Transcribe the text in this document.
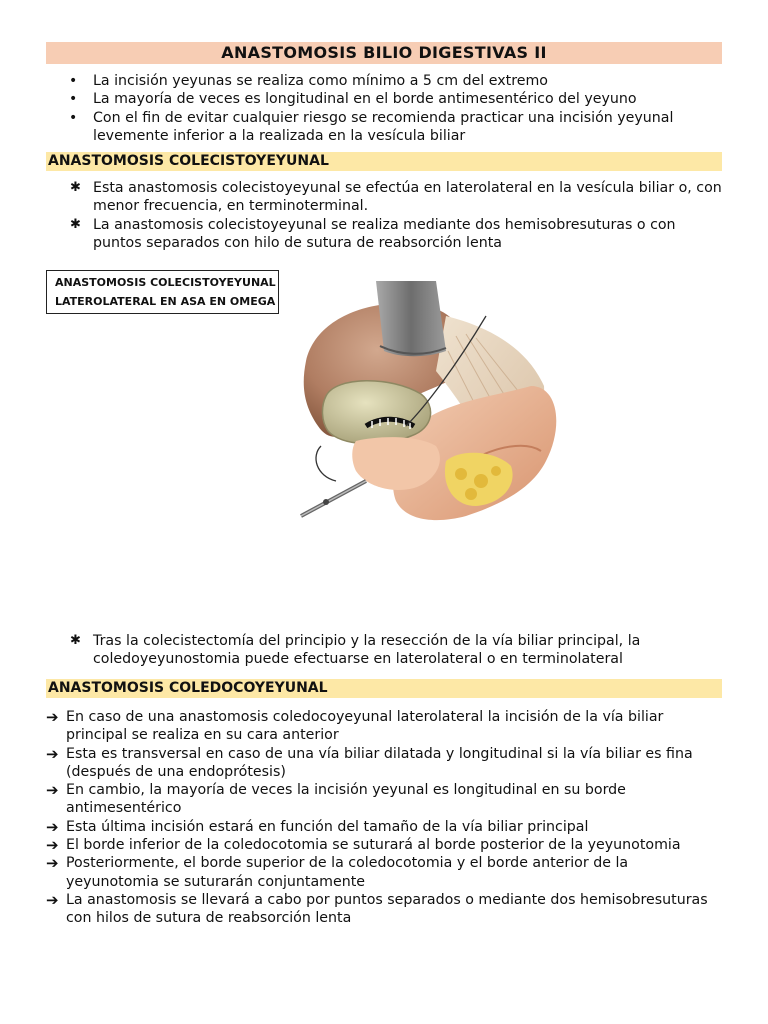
ANASTOMOSIS BILIO DIGESTIVAS II
• La incisión yeyunas se realiza como mínimo a 5 cm del extremo
• La mayoría de veces es longitudinal en el borde antimesentérico del yeyuno
• Con el fin de evitar cualquier riesgo se recomienda practicar una incisión yeyunal levemente inferior a la realizada en la vesícula biliar
ANASTOMOSIS COLECISTOYEYUNAL
✱ Esta anastomosis colecistoyeyunal se efectúa en laterolateral en la vesícula biliar o, con menor frecuencia, en terminoterminal.
✱ La anastomosis colecistoyeyunal se realiza mediante dos hemisobresuturas o con puntos separados con hilo de sutura de reabsorción lenta
✱ Tras la colecistectomía del principio y la resección de la vía biliar principal, la coledoyeyunostomia puede efectuarse en laterolateral o en terminolateral
ANASTOMOSIS COLEDOCOYEYUNAL
➔ En caso de una anastomosis coledocoyeyunal laterolateral la incisión de la vía biliar principal se realiza en su cara anterior
➔ Esta es transversal en caso de una vía biliar dilatada y longitudinal si la vía biliar es fina (después de una endoprótesis)
➔ En cambio, la mayoría de veces la incisión yeyunal es longitudinal en su borde antimesentérico
➔ Esta última incisión estará en función del tamaño de la vía biliar principal
➔ El borde inferior de la coledocotomia se suturará al borde posterior de la yeyunotomia
➔ Posteriormente, el borde superior de la coledocotomia y el borde anterior de la yeyunotomia se suturarán conjuntamente
➔ La anastomosis se llevará a cabo por puntos separados o mediante dos hemisobresuturas con hilos de sutura de reabsorción lenta
ANASTOMOSIS COLECISTOYEYUNAL
LATEROLATERAL EN ASA EN OMEGA
